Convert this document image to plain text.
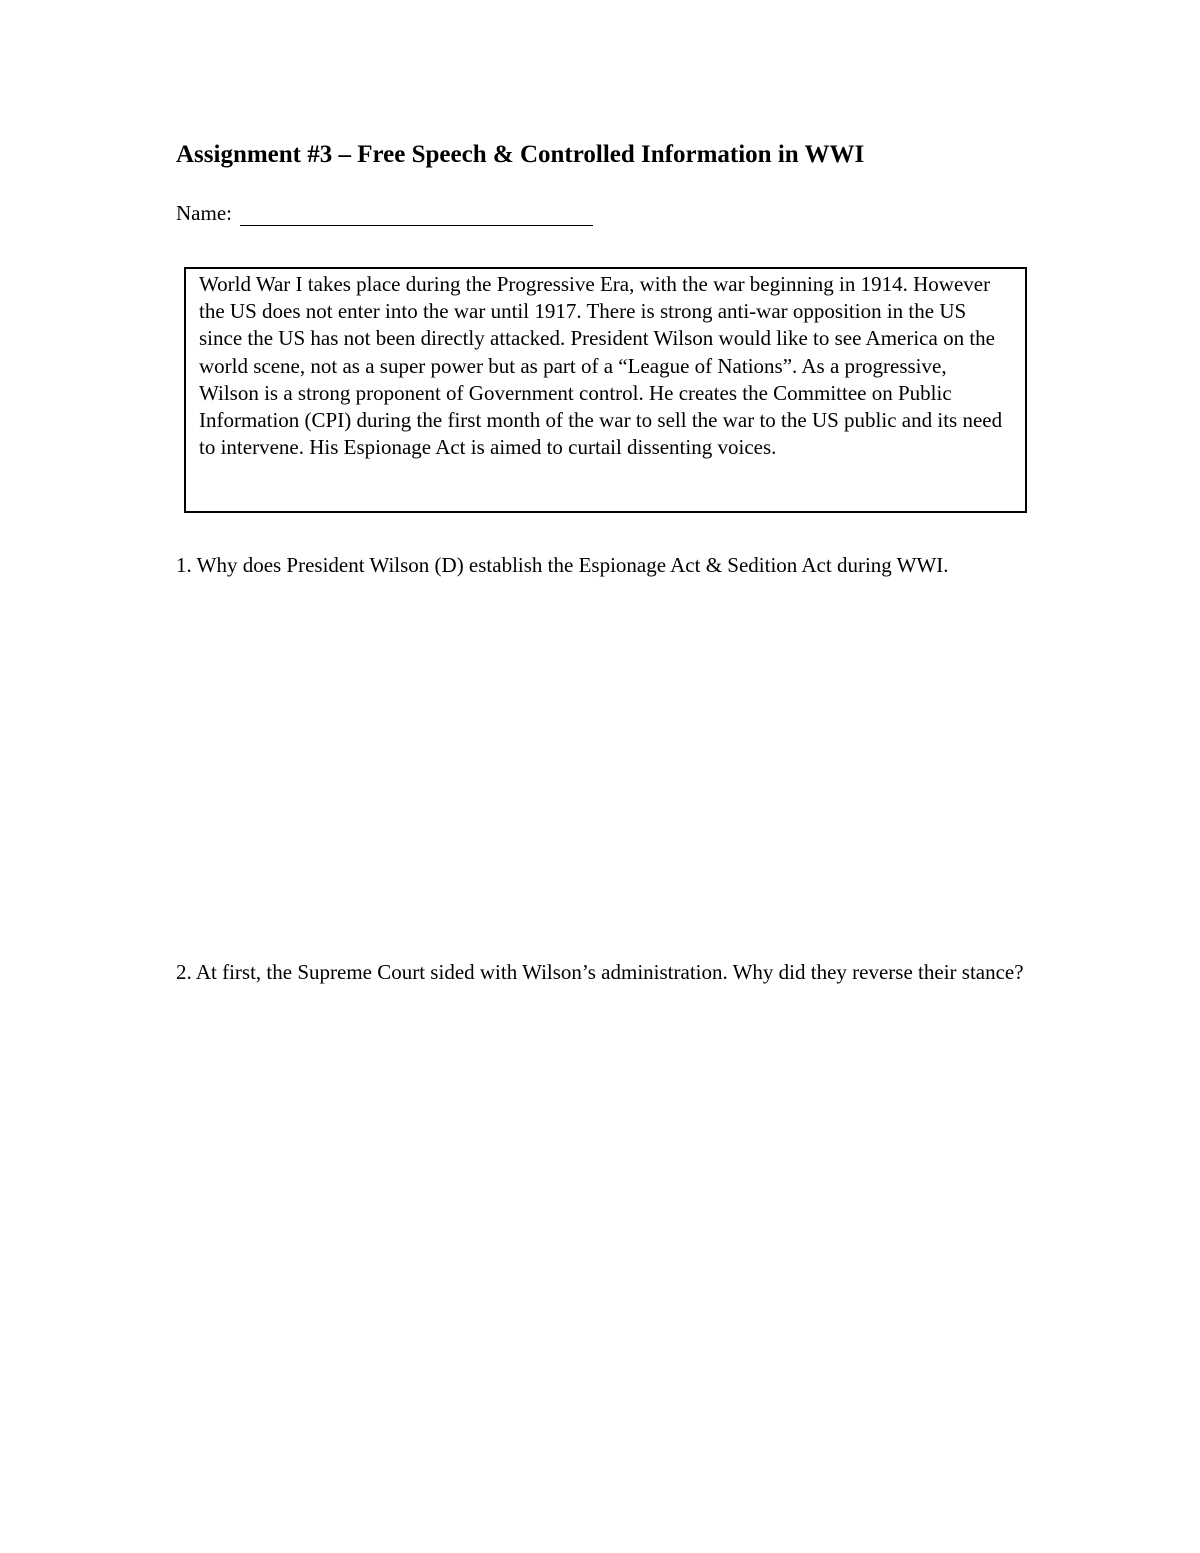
Assignment #3 – Free Speech & Controlled Information in WWI
Name:
World War I takes place during the Progressive Era, with the war beginning in 1914. However the US does not enter into the war until 1917. There is strong anti-war opposition in the US since the US has not been directly attacked. President Wilson would like to see America on the world scene, not as a super power but as part of a “League of Nations”. As a progressive, Wilson is a strong proponent of Government control. He creates the Committee on Public Information (CPI) during the first month of the war to sell the war to the US public and its need to intervene. His Espionage Act is aimed to curtail dissenting voices.
1. Why does President Wilson (D) establish the Espionage Act & Sedition Act during WWI.
2. At first, the Supreme Court sided with Wilson’s administration. Why did they reverse their stance?
